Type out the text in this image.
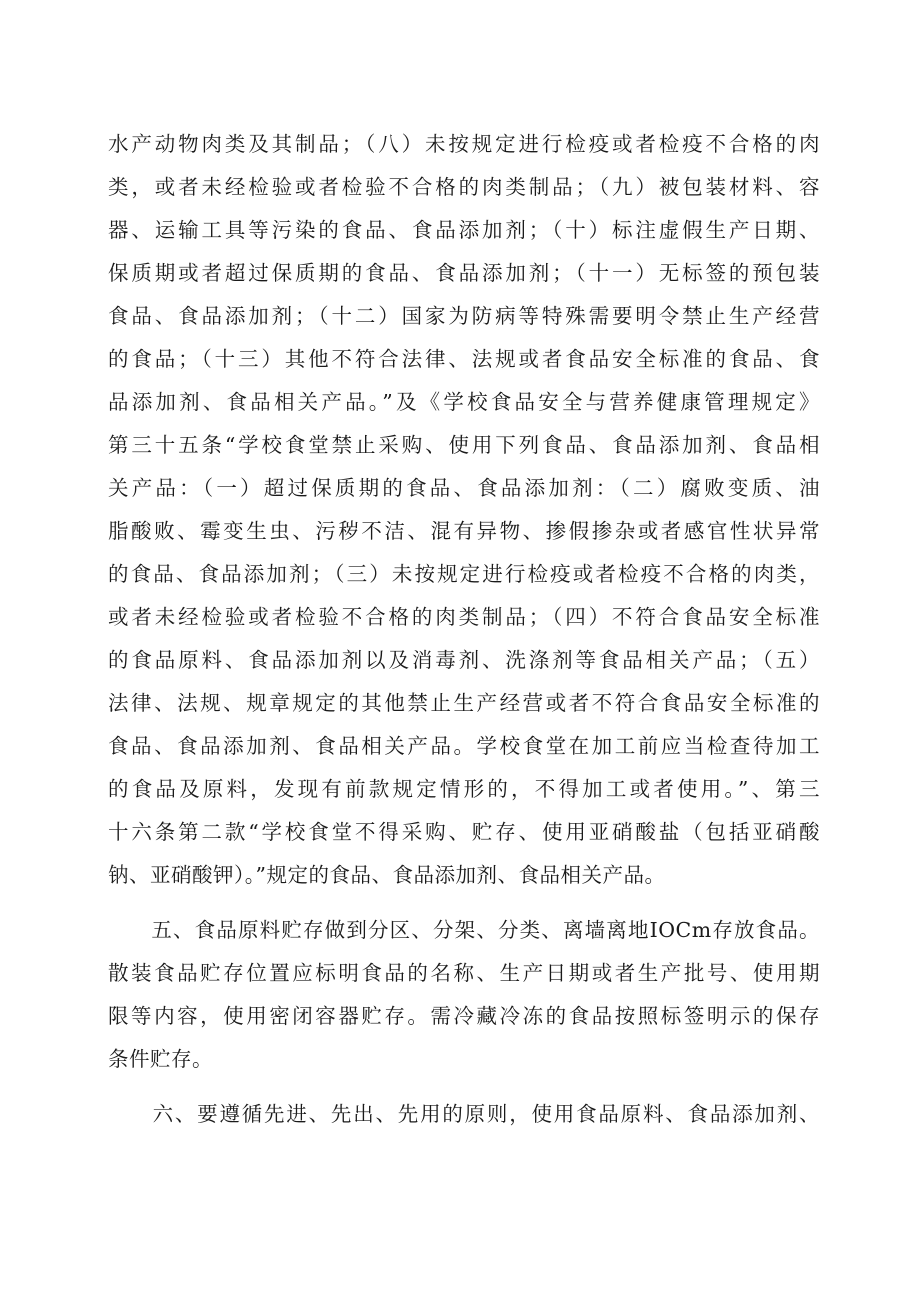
水产动物肉类及其制品；（八）未按规定进行检疫或者检疫不合格的肉
类，或者未经检验或者检验不合格的肉类制品；（九）被包装材料、容
器、运输工具等污染的食品、食品添加剂；（十）标注虚假生产日期、
保质期或者超过保质期的食品、食品添加剂；（十一）无标签的预包装
食品、食品添加剂；（十二）国家为防病等特殊需要明令禁止生产经营
的食品；（十三）其他不符合法律、法规或者食品安全标准的食品、食
品添加剂、食品相关产品。”及《学校食品安全与营养健康管理规定》
第三十五条“学校食堂禁止采购、使用下列食品、食品添加剂、食品相
关产品：（一）超过保质期的食品、食品添加剂：（二）腐败变质、油
脂酸败、霉变生虫、污秽不洁、混有异物、掺假掺杂或者感官性状异常
的食品、食品添加剂；（三）未按规定进行检疫或者检疫不合格的肉类，
或者未经检验或者检验不合格的肉类制品；（四）不符合食品安全标准
的食品原料、食品添加剂以及消毒剂、洗涤剂等食品相关产品；（五）
法律、法规、规章规定的其他禁止生产经营或者不符合食品安全标准的
食品、食品添加剂、食品相关产品。学校食堂在加工前应当检查待加工
的食品及原料，发现有前款规定情形的，不得加工或者使用。”、第三
十六条第二款“学校食堂不得采购、贮存、使用亚硝酸盐（包括亚硝酸
钠、亚硝酸钾）。”规定的食品、食品添加剂、食品相关产品。
　　五、食品原料贮存做到分区、分架、分类、离墙离地IOCm存放食品。
散装食品贮存位置应标明食品的名称、生产日期或者生产批号、使用期
限等内容，使用密闭容器贮存。需冷藏冷冻的食品按照标签明示的保存
条件贮存。
　　六、要遵循先进、先出、先用的原则，使用食品原料、食品添加剂、
